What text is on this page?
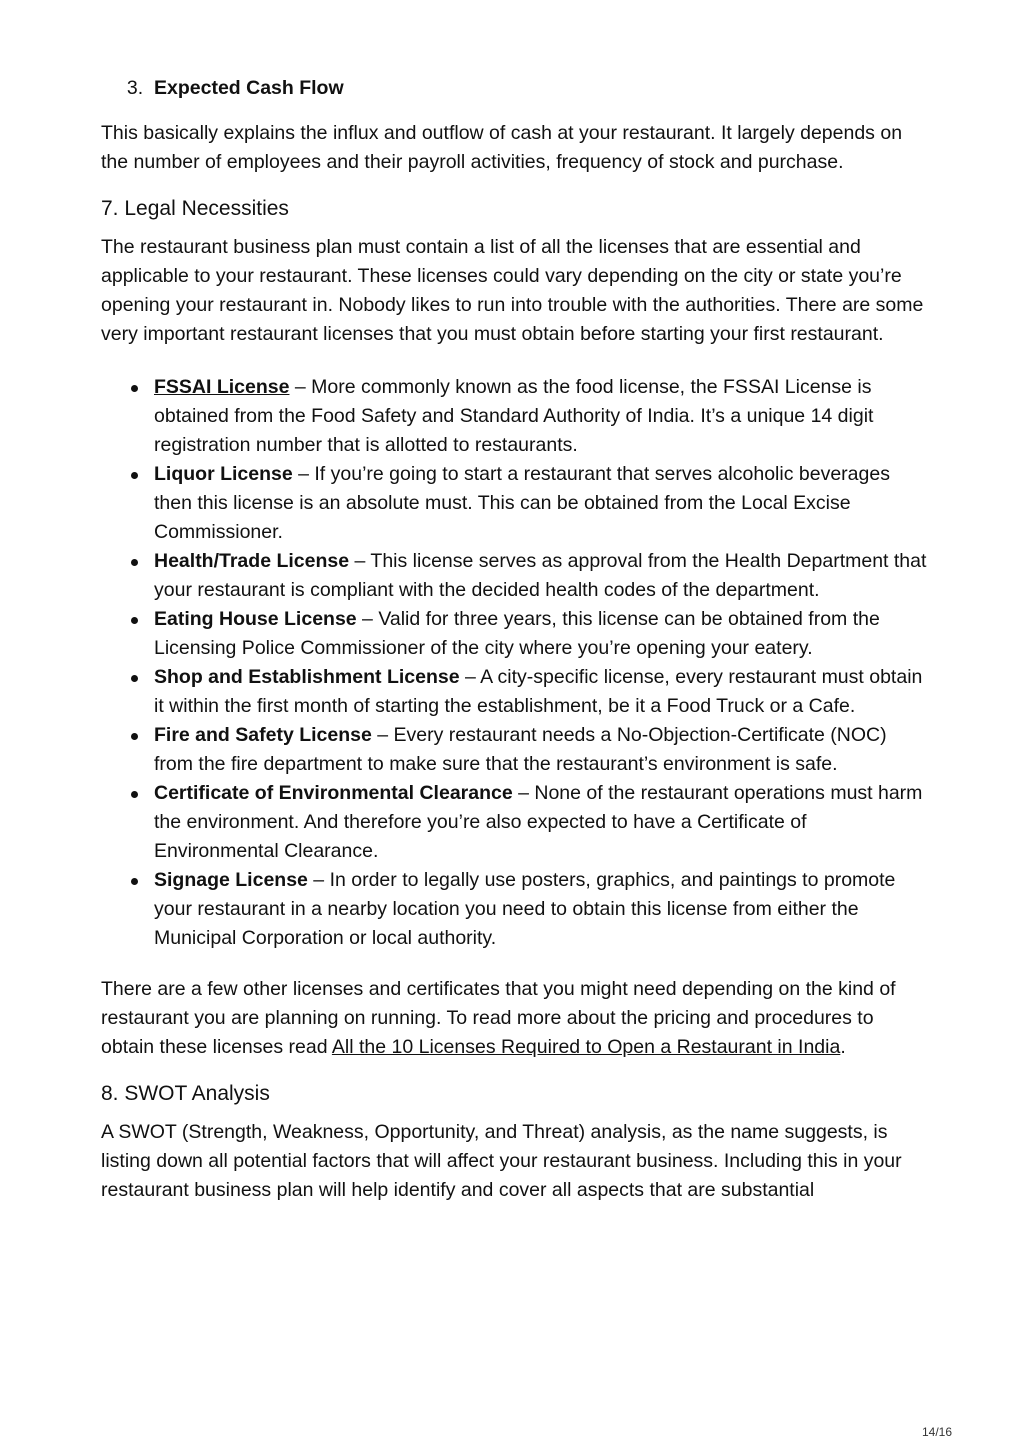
3. Expected Cash Flow

This basically explains the influx and outflow of cash at your restaurant. It largely depends on the number of employees and their payroll activities, frequency of stock and purchase.

7. Legal Necessities

The restaurant business plan must contain a list of all the licenses that are essential and applicable to your restaurant. These licenses could vary depending on the city or state you’re opening your restaurant in. Nobody likes to run into trouble with the authorities. There are some very important restaurant licenses that you must obtain before starting your first restaurant.

FSSAI License – More commonly known as the food license, the FSSAI License is obtained from the Food Safety and Standard Authority of India. It’s a unique 14 digit registration number that is allotted to restaurants.
Liquor License – If you’re going to start a restaurant that serves alcoholic beverages then this license is an absolute must. This can be obtained from the Local Excise Commissioner.
Health/Trade License – This license serves as approval from the Health Department that your restaurant is compliant with the decided health codes of the department.
Eating House License – Valid for three years, this license can be obtained from the Licensing Police Commissioner of the city where you’re opening your eatery.
Shop and Establishment License – A city-specific license, every restaurant must obtain it within the first month of starting the establishment, be it a Food Truck or a Cafe.
Fire and Safety License – Every restaurant needs a No-Objection-Certificate (NOC) from the fire department to make sure that the restaurant’s environment is safe.
Certificate of Environmental Clearance – None of the restaurant operations must harm the environment. And therefore you’re also expected to have a Certificate of Environmental Clearance.
Signage License – In order to legally use posters, graphics, and paintings to promote your restaurant in a nearby location you need to obtain this license from either the Municipal Corporation or local authority.

There are a few other licenses and certificates that you might need depending on the kind of restaurant you are planning on running. To read more about the pricing and procedures to obtain these licenses read All the 10 Licenses Required to Open a Restaurant in India.

8. SWOT Analysis

A SWOT (Strength, Weakness, Opportunity, and Threat) analysis, as the name suggests, is listing down all potential factors that will affect your restaurant business. Including this in your restaurant business plan will help identify and cover all aspects that are substantial

14/16
